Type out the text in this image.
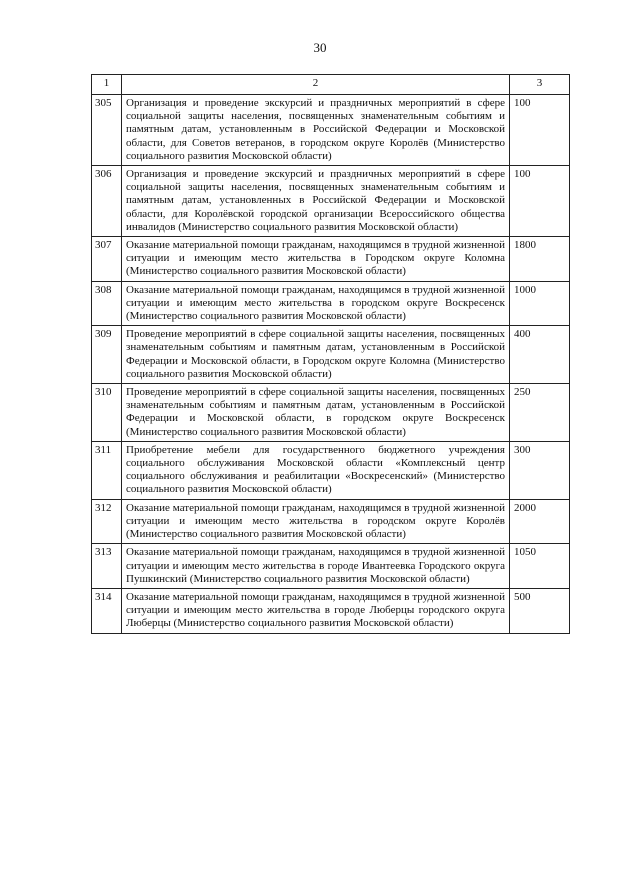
30
1	2	3
305	Организация и проведение экскурсий и праздничных мероприятий в сфере социальной защиты населения, посвященных знаменательным событиям и памятным датам, установленным в Российской Федерации и Московской области, для Советов ветеранов, в городском округе Королёв (Министерство социального развития Московской области)	100
306	Организация и проведение экскурсий и праздничных мероприятий в сфере социальной защиты населения, посвященных знаменательным событиям и памятным датам, установленных в Российской Федерации и Московской области, для Королёвской городской организации Всероссийского общества инвалидов (Министерство социального развития Московской области)	100
307	Оказание материальной помощи гражданам, находящимся в трудной жизненной ситуации и имеющим место жительства в Городском округе Коломна (Министерство социального развития Московской области)	1800
308	Оказание материальной помощи гражданам, находящимся в трудной жизненной ситуации и имеющим место жительства в городском округе Воскресенск (Министерство социального развития Московской области)	1000
309	Проведение мероприятий в сфере социальной защиты населения, посвященных знаменательным событиям и памятным датам, установленным в Российской Федерации и Московской области, в Городском округе Коломна (Министерство социального развития Московской области)	400
310	Проведение мероприятий в сфере социальной защиты населения, посвященных знаменательным событиям и памятным датам, установленным в Российской Федерации и Московской области, в городском округе Воскресенск (Министерство социального развития Московской области)	250
311	Приобретение мебели для государственного бюджетного учреждения социального обслуживания Московской области «Комплексный центр социального обслуживания и реабилитации «Воскресенский» (Министерство социального развития Московской области)	300
312	Оказание материальной помощи гражданам, находящимся в трудной жизненной ситуации и имеющим место жительства в городском округе Королёв (Министерство социального развития Московской области)	2000
313	Оказание материальной помощи гражданам, находящимся в трудной жизненной ситуации и имеющим место жительства в городе Ивантеевка Городского округа Пушкинский (Министерство социального развития Московской области)	1050
314	Оказание материальной помощи гражданам, находящимся в трудной жизненной ситуации и имеющим место жительства в городе Люберцы городского округа Люберцы (Министерство социального развития Московской области)	500
